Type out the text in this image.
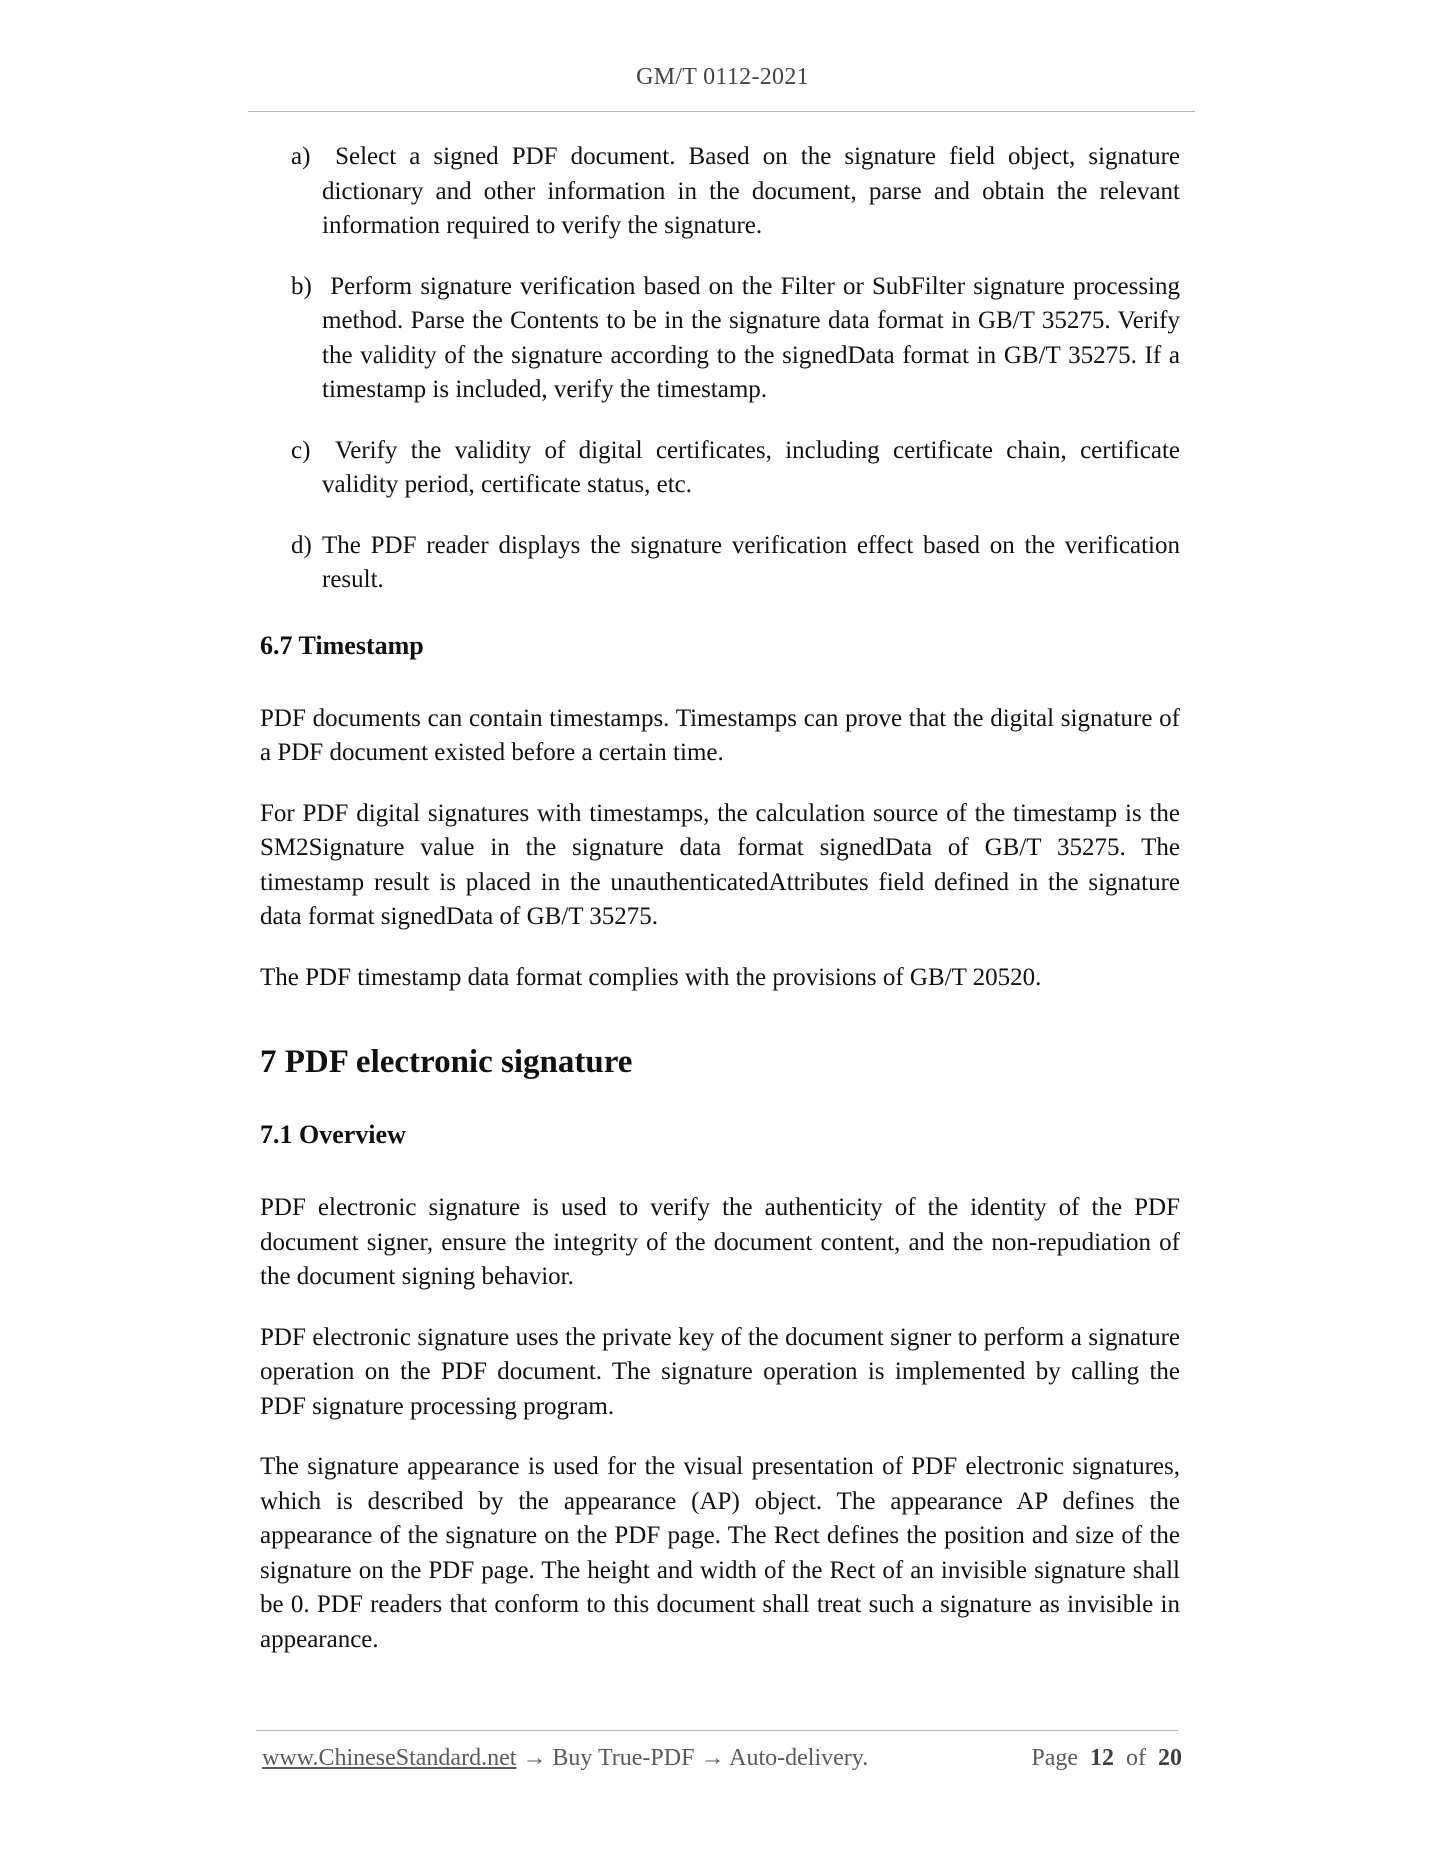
GM/T 0112-2021
a) Select a signed PDF document. Based on the signature field object, signature dictionary and other information in the document, parse and obtain the relevant information required to verify the signature.
b) Perform signature verification based on the Filter or SubFilter signature processing method. Parse the Contents to be in the signature data format in GB/T 35275. Verify the validity of the signature according to the signedData format in GB/T 35275. If a timestamp is included, verify the timestamp.
c) Verify the validity of digital certificates, including certificate chain, certificate validity period, certificate status, etc.
d) The PDF reader displays the signature verification effect based on the verification result.
6.7 Timestamp

PDF documents can contain timestamps. Timestamps can prove that the digital signature of a PDF document existed before a certain time.

For PDF digital signatures with timestamps, the calculation source of the timestamp is the SM2Signature value in the signature data format signedData of GB/T 35275. The timestamp result is placed in the unauthenticatedAttributes field defined in the signature data format signedData of GB/T 35275.

The PDF timestamp data format complies with the provisions of GB/T 20520.

7 PDF electronic signature
7.1 Overview

PDF electronic signature is used to verify the authenticity of the identity of the PDF document signer, ensure the integrity of the document content, and the non-repudiation of the document signing behavior.

PDF electronic signature uses the private key of the document signer to perform a signature operation on the PDF document. The signature operation is implemented by calling the PDF signature processing program.

The signature appearance is used for the visual presentation of PDF electronic signatures, which is described by the appearance (AP) object. The appearance AP defines the appearance of the signature on the PDF page. The Rect defines the position and size of the signature on the PDF page. The height and width of the Rect of an invisible signature shall be 0. PDF readers that conform to this document shall treat such a signature as invisible in appearance.

www.ChineseStandard.net → Buy True-PDF → Auto-delivery.	Page 12 of 20
